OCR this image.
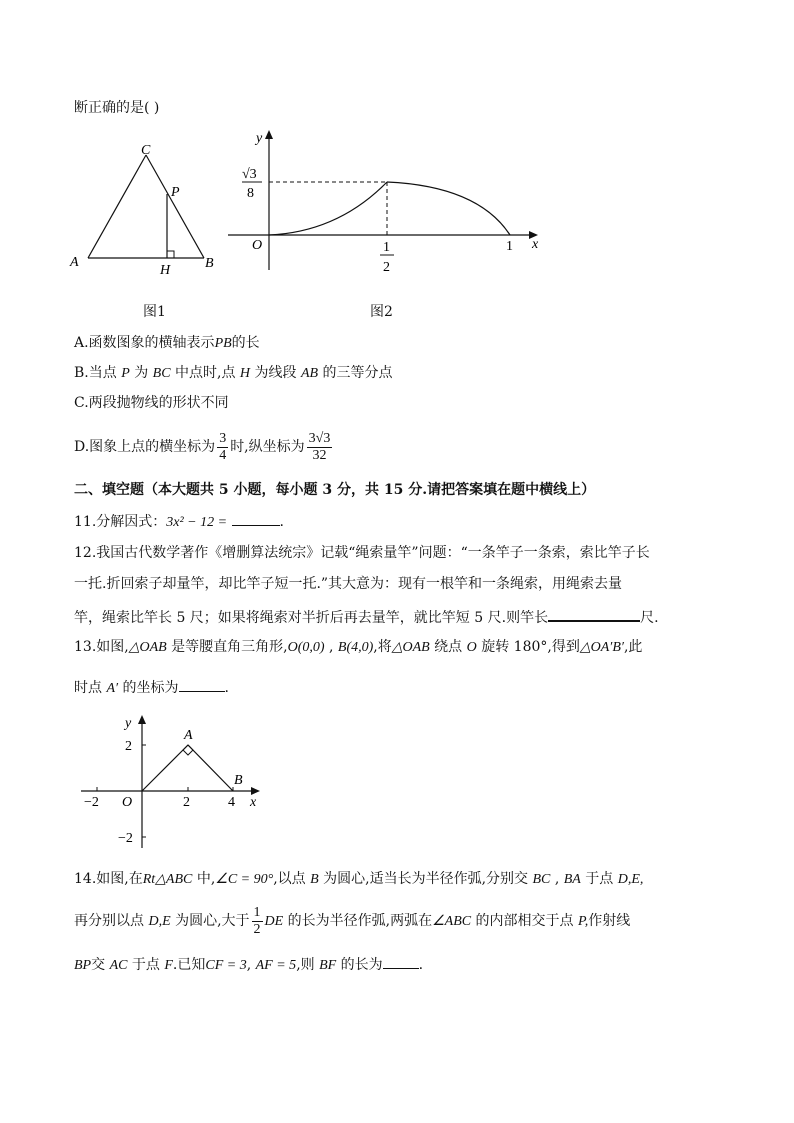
断正确的是( )
C
P
A
H B
图1
y
x
O
√3
8
1
2
1
图2
A.函数图象的横轴表示PB的长
B.当点 P 为 BC 中点时,点 H 为线段 AB 的三等分点
C.两段抛物线的形状不同
D.图象上点的横坐标为 $\frac{3}{4}$ 时,纵坐标为 $\frac{3√3}{32}$
二、填空题（本大题共 5 小题，每小题 3 分，共 15 分.请把答案填在题中横线上）
11.分解因式：3x² − 12 =	.
12.我国古代数学著作《增删算法统宗》记载“绳索量竿”问题：“一条竿子一条索，索比竿子长
一托.折回索子却量竿，却比竿子短一托.”其大意为：现有一根竿和一条绳索，用绳索去量
竿，绳索比竿长 5 尺；如果将绳索对半折后再去量竿，就比竿短 5 尺.则竿长	尺.
13.如图,△OAB 是等腰直角三角形,O(0,0) , B(4,0),将△OAB 绕点 O 旋转 180°,得到△OA′B′,此
时点 A′ 的坐标为	.
y
x
O
−2	2	4
2
−2
A
B
14.如图,在Rt△ABC 中,∠C = 90°,以点 B 为圆心,适当长为半径作弧,分别交 BC , BA 于点 D,E,
再分别以点 D,E 为圆心,大于 $\frac{1}{2}$ DE 的长为半径作弧,两弧在∠ABC 的内部相交于点 P,作射线
BP交 AC 于点 F.已知CF = 3, AF = 5,则 BF 的长为	.
